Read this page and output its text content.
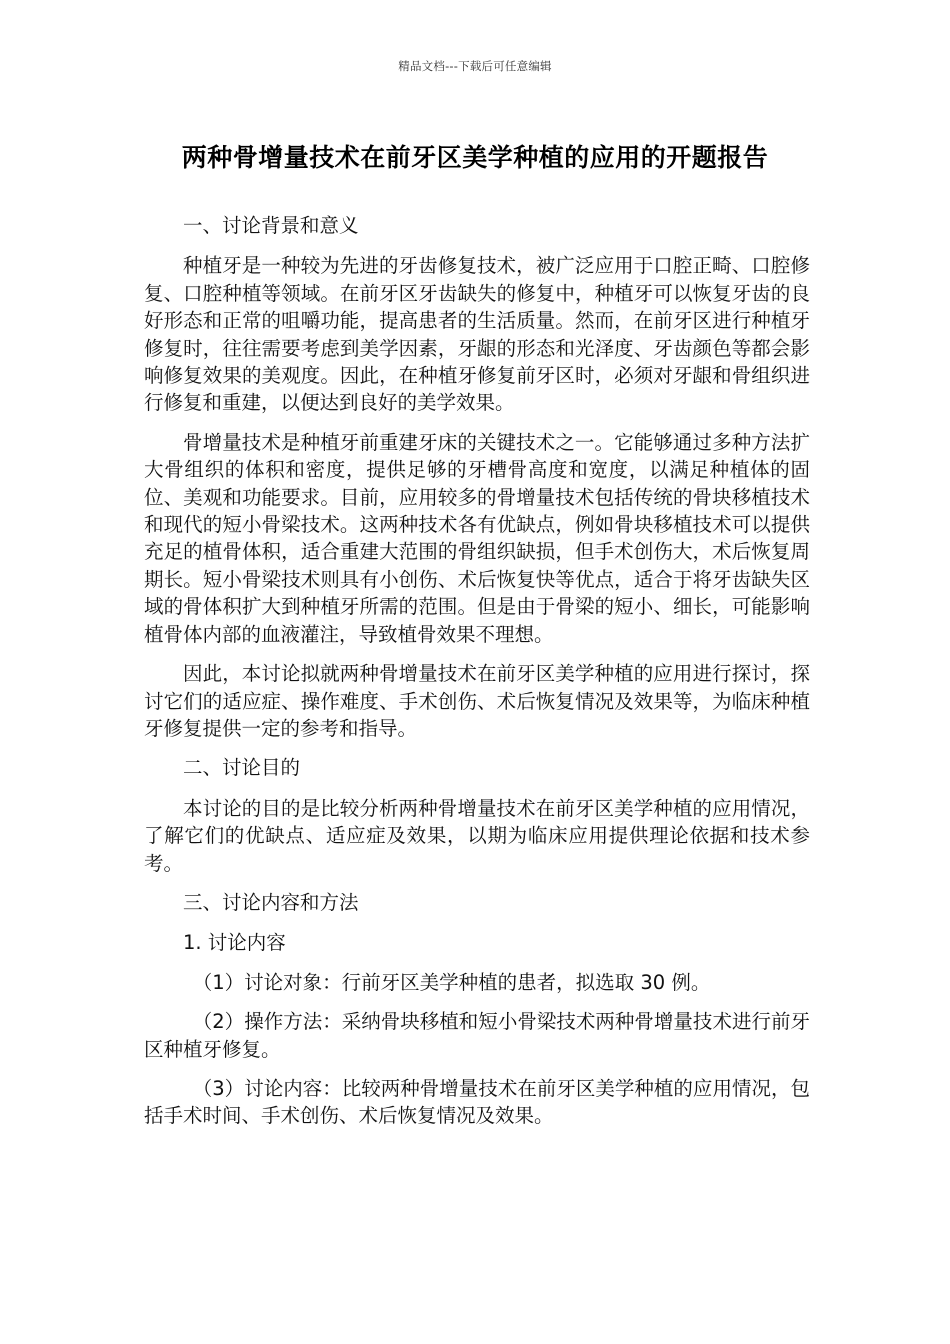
精品文档---下载后可任意编辑
两种骨增量技术在前牙区美学种植的应用的开题报告

一、讨论背景和意义

种植牙是一种较为先进的牙齿修复技术，被广泛应用于口腔正畸、口腔修复、口腔种植等领域。在前牙区牙齿缺失的修复中，种植牙可以恢复牙齿的良好形态和正常的咀嚼功能，提高患者的生活质量。然而，在前牙区进行种植牙修复时，往往需要考虑到美学因素，牙龈的形态和光泽度、牙齿颜色等都会影响修复效果的美观度。因此，在种植牙修复前牙区时，必须对牙龈和骨组织进行修复和重建，以便达到良好的美学效果。

骨增量技术是种植牙前重建牙床的关键技术之一。它能够通过多种方法扩大骨组织的体积和密度，提供足够的牙槽骨高度和宽度，以满足种植体的固位、美观和功能要求。目前，应用较多的骨增量技术包括传统的骨块移植技术和现代的短小骨梁技术。这两种技术各有优缺点，例如骨块移植技术可以提供充足的植骨体积，适合重建大范围的骨组织缺损，但手术创伤大，术后恢复周期长。短小骨梁技术则具有小创伤、术后恢复快等优点，适合于将牙齿缺失区域的骨体积扩大到种植牙所需的范围。但是由于骨梁的短小、细长，可能影响植骨体内部的血液灌注，导致植骨效果不理想。

因此，本讨论拟就两种骨增量技术在前牙区美学种植的应用进行探讨，探讨它们的适应症、操作难度、手术创伤、术后恢复情况及效果等，为临床种植牙修复提供一定的参考和指导。

二、讨论目的

本讨论的目的是比较分析两种骨增量技术在前牙区美学种植的应用情况，了解它们的优缺点、适应症及效果，以期为临床应用提供理论依据和技术参考。

三、讨论内容和方法

1. 讨论内容

（1）讨论对象：行前牙区美学种植的患者，拟选取 30 例。

（2）操作方法：采纳骨块移植和短小骨梁技术两种骨增量技术进行前牙区种植牙修复。

（3）讨论内容：比较两种骨增量技术在前牙区美学种植的应用情况，包括手术时间、手术创伤、术后恢复情况及效果。
